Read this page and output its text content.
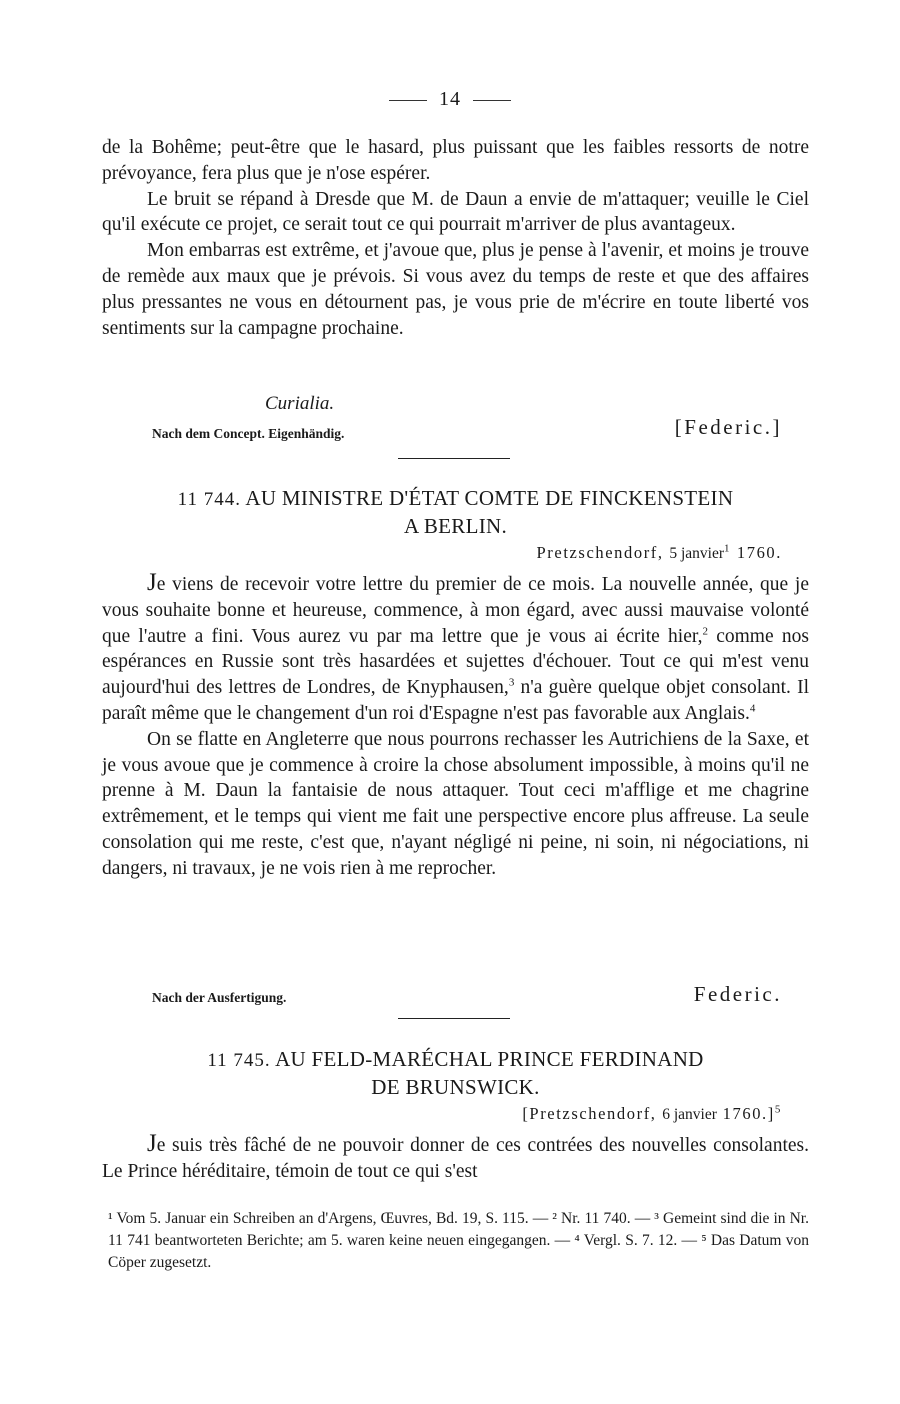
14

de la Bohême; peut-être que le hasard, plus puissant que les faibles ressorts de notre prévoyance, fera plus que je n'ose espérer.

Le bruit se répand à Dresde que M. de Daun a envie de m'attaquer; veuille le Ciel qu'il exécute ce projet, ce serait tout ce qui pourrait m'arriver de plus avantageux.

Mon embarras est extrême, et j'avoue que, plus je pense à l'avenir, et moins je trouve de remède aux maux que je prévois. Si vous avez du temps de reste et que des affaires plus pressantes ne vous en détournent pas, je vous prie de m'écrire en toute liberté vos sentiments sur la campagne prochaine.

Curialia.
Nach dem Concept. Eigenhändig.	[Federic.]
11 744. AU MINISTRE D'ÉTAT COMTE DE FINCKENSTEIN
A BERLIN.
Pretzschendorf, 5 janvier$^1$ 1760.

Je viens de recevoir votre lettre du premier de ce mois. La nouvelle année, que je vous souhaite bonne et heureuse, commence, à mon égard, avec aussi mauvaise volonté que l'autre a fini. Vous aurez vu par ma lettre que je vous ai écrite hier,$^2$ comme nos espérances en Russie sont très hasardées et sujettes d'échouer. Tout ce qui m'est venu aujourd'hui des lettres de Londres, de Knyphausen,$^3$ n'a guère quelque objet consolant. Il paraît même que le changement d'un roi d'Espagne n'est pas favorable aux Anglais.$^4$

On se flatte en Angleterre que nous pourrons rechasser les Autrichiens de la Saxe, et je vous avoue que je commence à croire la chose absolument impossible, à moins qu'il ne prenne à M. Daun la fantaisie de nous attaquer. Tout ceci m'afflige et me chagrine extrêmement, et le temps qui vient me fait une perspective encore plus affreuse. La seule consolation qui me reste, c'est que, n'ayant négligé ni peine, ni soin, ni négociations, ni dangers, ni travaux, je ne vois rien à me reprocher.

Nach der Ausfertigung.	Federic.
11 745. AU FELD-MARÉCHAL PRINCE FERDINAND
DE BRUNSWICK.
[Pretzschendorf, 6 janvier 1760.]$^5$

Je suis très fâché de ne pouvoir donner de ces contrées des nouvelles consolantes. Le Prince héréditaire, témoin de tout ce qui s'est

¹ Vom 5. Januar ein Schreiben an d'Argens, Œuvres, Bd. 19, S. 115. — ² Nr. 11 740. — ³ Gemeint sind die in Nr. 11 741 beantworteten Berichte; am 5. waren keine neuen eingegangen. — ⁴ Vergl. S. 7. 12. — ⁵ Das Datum von Cöper zugesetzt.
